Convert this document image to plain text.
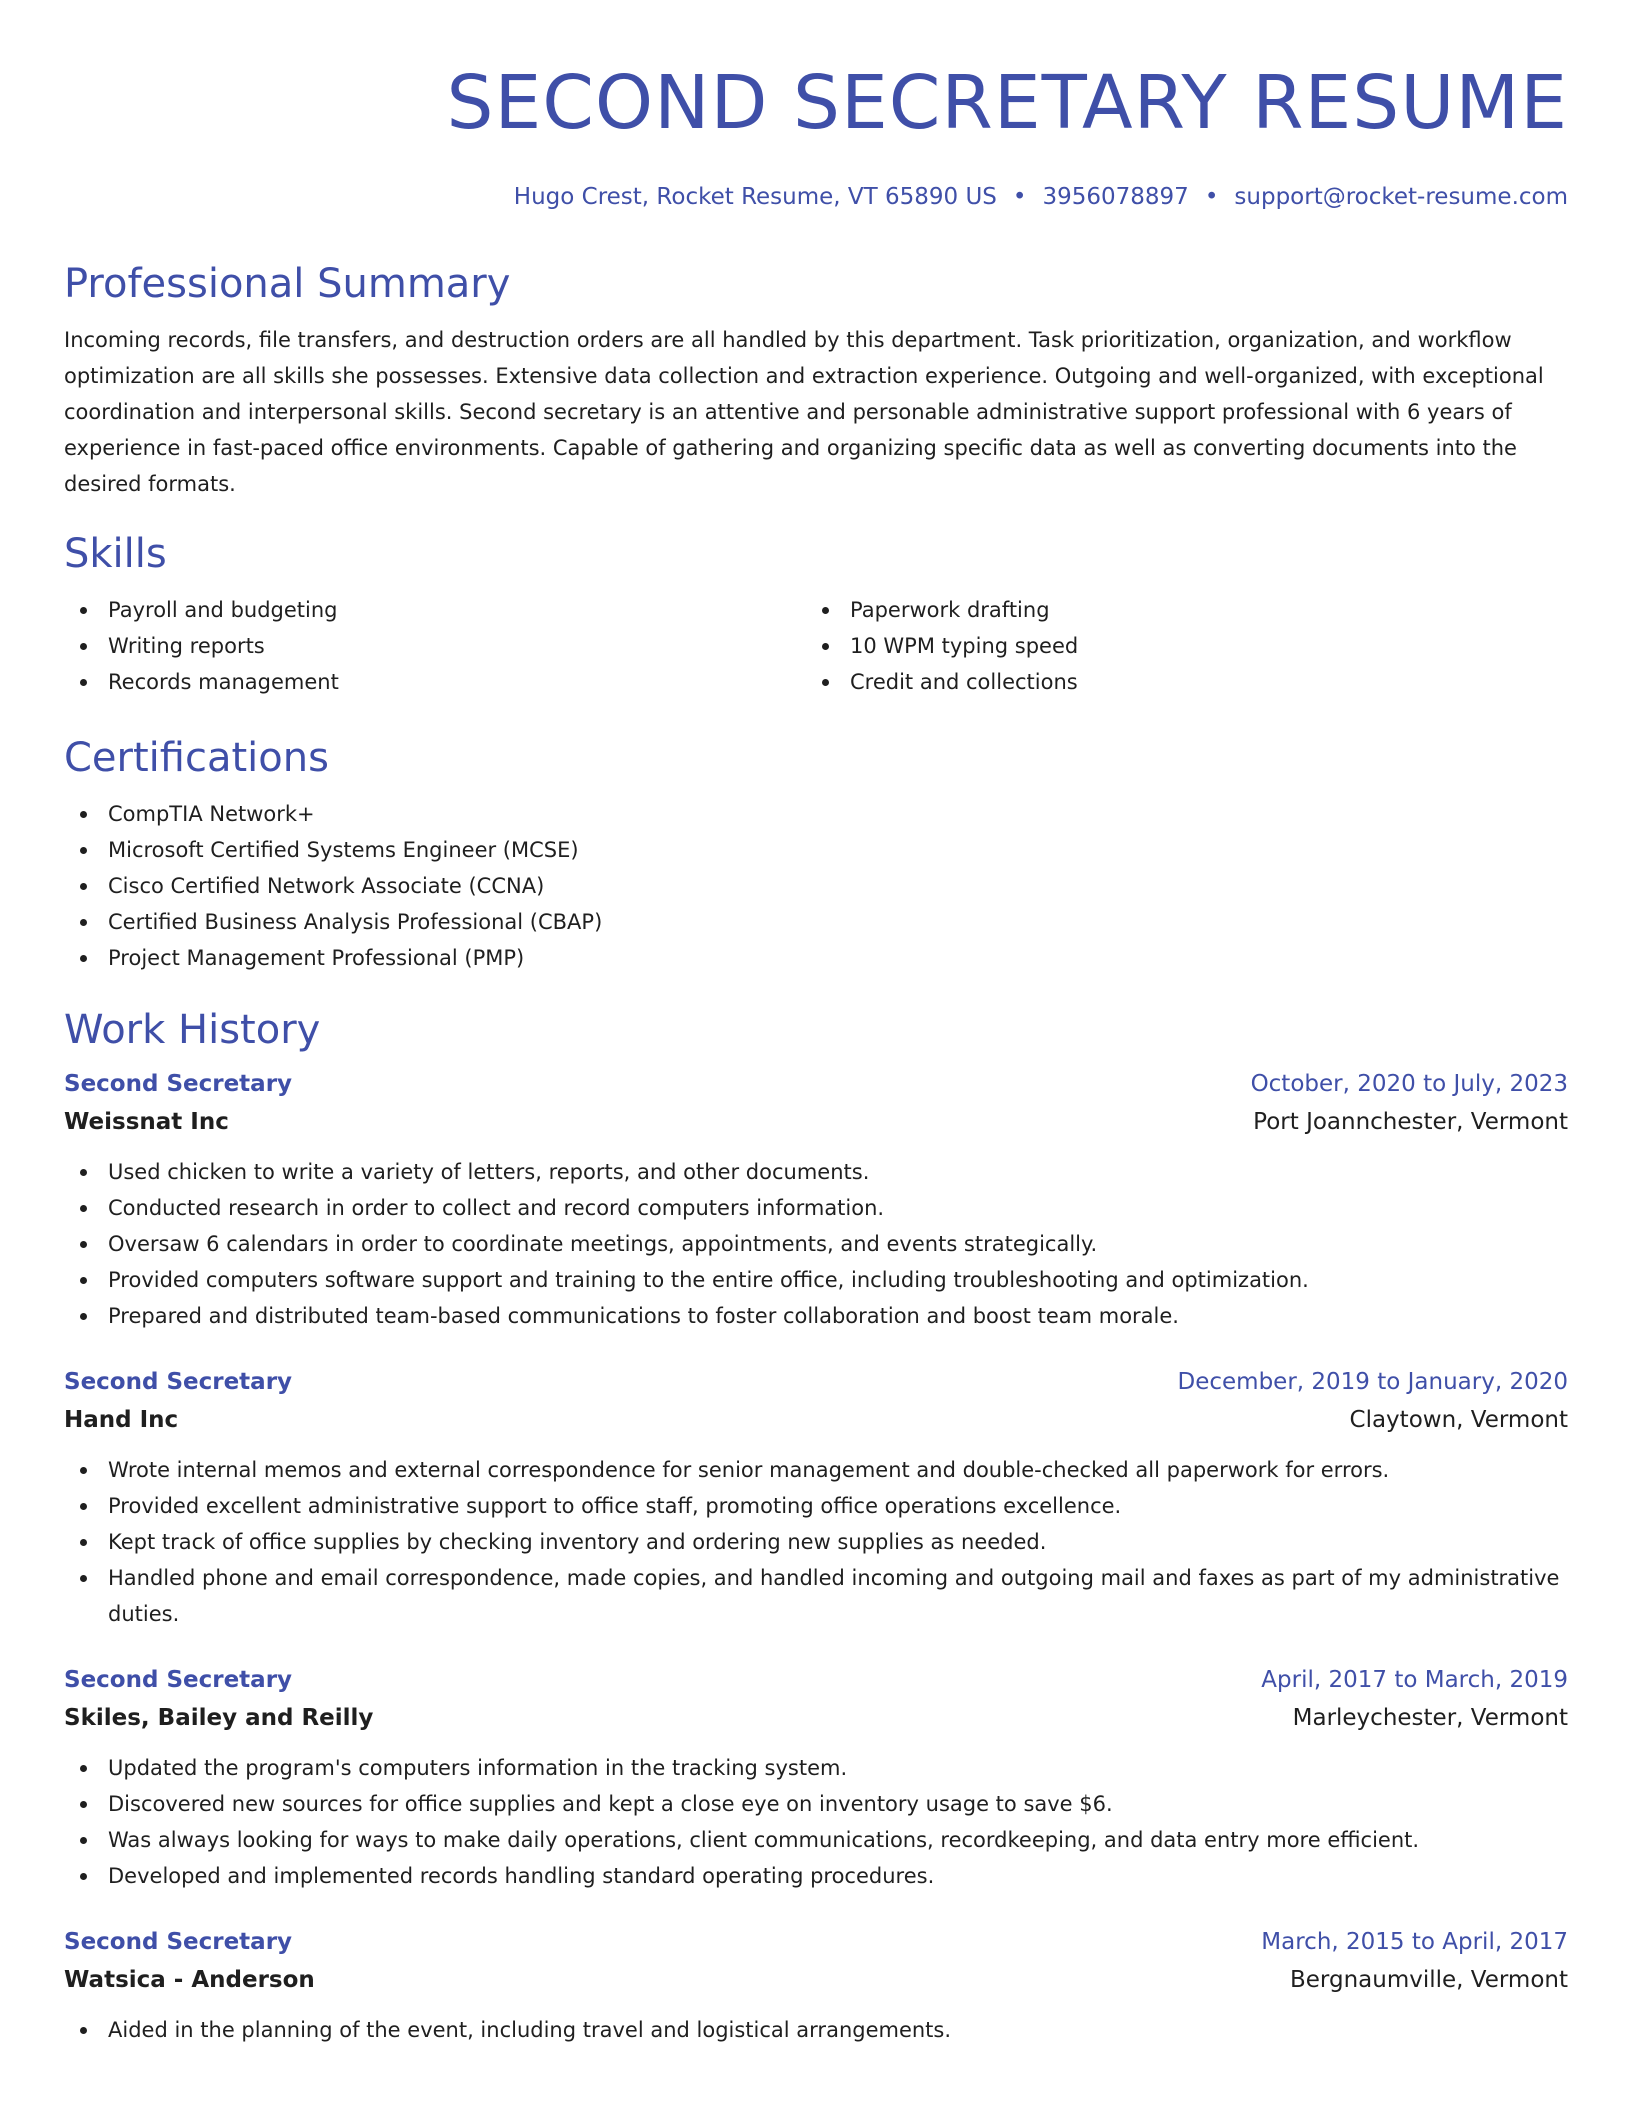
SECOND SECRETARY RESUME
Hugo Crest, Rocket Resume, VT 65890 US • 3956078897 • support@rocket-resume.com
Professional Summary

Incoming records, file transfers, and destruction orders are all handled by this department. Task prioritization, organization, and workflow optimization are all skills she possesses. Extensive data collection and extraction experience. Outgoing and well-organized, with exceptional coordination and interpersonal skills. Second secretary is an attentive and personable administrative support professional with 6 years of experience in fast-paced office environments. Capable of gathering and organizing specific data as well as converting documents into the desired formats.

Skills
Payroll and budgeting
Writing reports
Records management
Paperwork drafting
10 WPM typing speed
Credit and collections
Certifications
CompTIA Network+
Microsoft Certified Systems Engineer (MCSE)
Cisco Certified Network Associate (CCNA)
Certified Business Analysis Professional (CBAP)
Project Management Professional (PMP)
Work History
Second Secretary	October, 2020 to July, 2023
Weissnat Inc	Port Joannchester, Vermont
Used chicken to write a variety of letters, reports, and other documents.
Conducted research in order to collect and record computers information.
Oversaw 6 calendars in order to coordinate meetings, appointments, and events strategically.
Provided computers software support and training to the entire office, including troubleshooting and optimization.
Prepared and distributed team-based communications to foster collaboration and boost team morale.
Second Secretary	December, 2019 to January, 2020
Hand Inc	Claytown, Vermont
Wrote internal memos and external correspondence for senior management and double-checked all paperwork for errors.
Provided excellent administrative support to office staff, promoting office operations excellence.
Kept track of office supplies by checking inventory and ordering new supplies as needed.
Handled phone and email correspondence, made copies, and handled incoming and outgoing mail and faxes as part of my administrative duties.
Second Secretary	April, 2017 to March, 2019
Skiles, Bailey and Reilly	Marleychester, Vermont
Updated the program's computers information in the tracking system.
Discovered new sources for office supplies and kept a close eye on inventory usage to save $6.
Was always looking for ways to make daily operations, client communications, recordkeeping, and data entry more efficient.
Developed and implemented records handling standard operating procedures.
Second Secretary	March, 2015 to April, 2017
Watsica - Anderson	Bergnaumville, Vermont
Aided in the planning of the event, including travel and logistical arrangements.
